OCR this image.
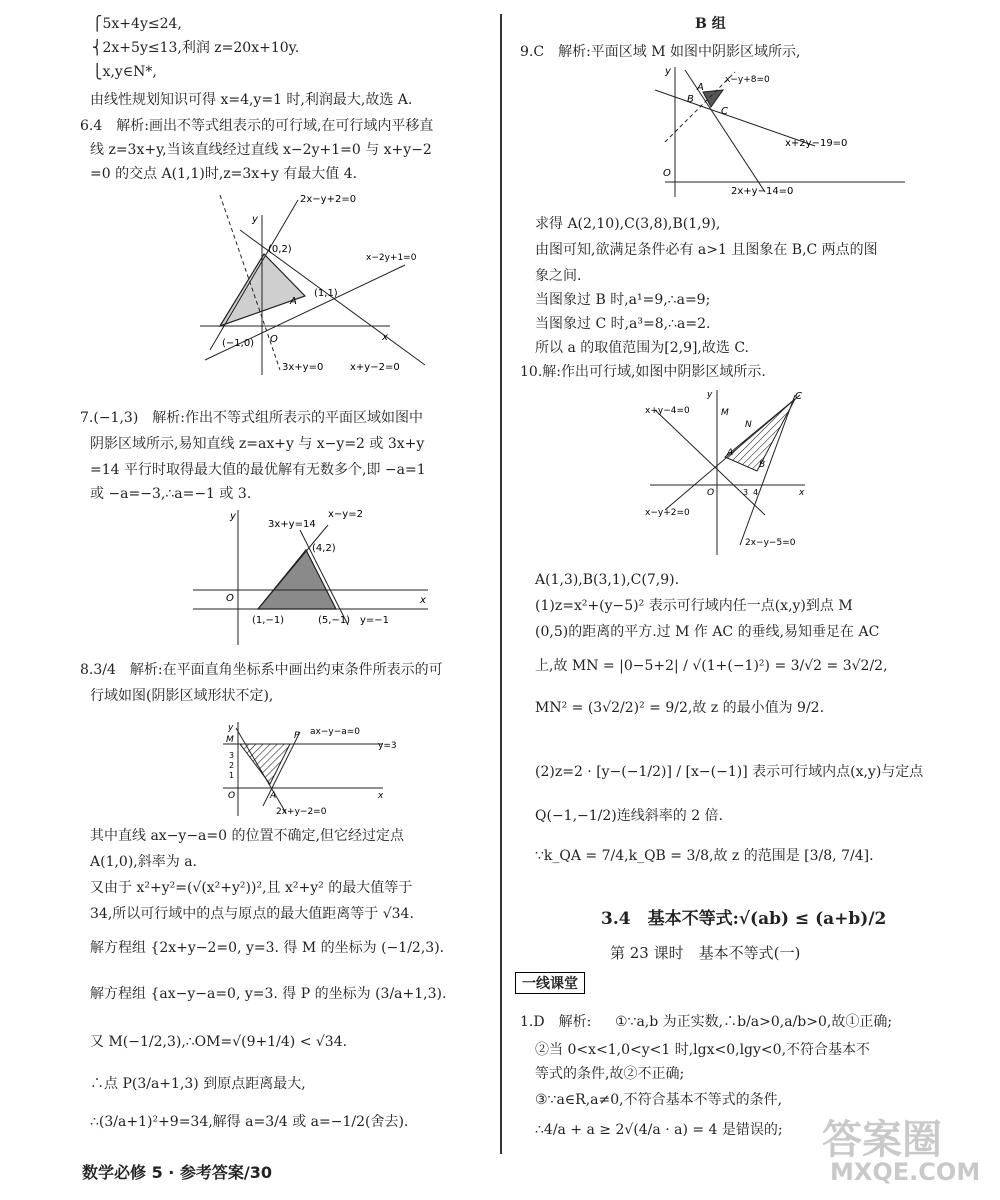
⎧5x+4y≤24,
⎨2x+5y≤13,利润 z=20x+10y.
⎩x,y∈N*,
由线性规划知识可得 x=4,y=1 时,利润最大,故选 A.
6.4　解析:画出不等式组表示的可行域,在可行域内平移直
线 z=3x+y,当该直线经过直线 x−2y+1=0 与 x+y−2
=0 的交点 A(1,1)时,z=3x+y 有最大值 4.
2x−y+2=0
(0,2)
x−2y+1=0
A
(1,1)
(−1,0) O	x
y
3x+y=0	x+y−2=0
7.(−1,3)　解析:作出不等式组所表示的平面区域如图中
阴影区域所示,易知直线 z=ax+y 与 x−y=2 或 3x+y
=14 平行时取得最大值的最优解有无数多个,即 −a=1
或 −a=−3,∴a=−1 或 3.
y
3x+y=14
x−y=2
(4,2)
O	x
(1,−1)	(5,−1) y=−1
8.3/4　解析:在平面直角坐标系中画出约束条件所表示的可
行域如图(阴影区域形状不定),
y
M	P ax−y−a=0
y=3
3
2
1
O	A	x
2x+y−2=0
其中直线 ax−y−a=0 的位置不确定,但它经过定点
A(1,0),斜率为 a.
又由于 x²+y²=(√(x²+y²))²,且 x²+y² 的最大值等于
34,所以可行域中的点与原点的最大值距离等于 √34.
解方程组 {2x+y−2=0, y=3. 得 M 的坐标为 (−1/2,3).
解方程组 {ax−y−a=0, y=3. 得 P 的坐标为 (3/a+1,3).
又 M(−1/2,3),∴OM=√(9+1/4) < √34.
∴点 P(3/a+1,3) 到原点距离最大,
∴(3/a+1)²+9=34,解得 a=3/4 或 a=−1/2(舍去).
B 组
9.C　解析:平面区域 M 如图中阴影区域所示,
y
x−y+8=0
A
B
C
x+2y−19=0
O
2x+y−14=0
求得 A(2,10),C(3,8),B(1,9),
由图可知,欲满足条件必有 a>1 且图象在 B,C 两点的图
象之间.
当图象过 B 时,a¹=9,∴a=9;
当图象过 C 时,a³=8,∴a=2.
所以 a 的取值范围为[2,9],故选 C.
10.解:作出可行域,如图中阴影区域所示.
x+y−4=0
y	C
M
N
A
B
O	3 4	x
x−y+2=0
2x−y−5=0
A(1,3),B(3,1),C(7,9).
(1)z=x²+(y−5)² 表示可行域内任一点(x,y)到点 M
(0,5)的距离的平方.过 M 作 AC 的垂线,易知垂足在 AC
上,故 MN = |0−5+2| / √(1+(−1)²) = 3/√2 = 3√2/2,
MN² = (3√2/2)² = 9/2,故 z 的最小值为 9/2.
(2)z=2 · [y−(−1/2)] / [x−(−1)] 表示可行域内点(x,y)与定点
Q(−1,−1/2)连线斜率的 2 倍.
∵k_QA = 7/4,k_QB = 3/8,故 z 的范围是 [3/8, 7/4].
3.4　基本不等式:√(ab) ≤ (a+b)/2
第 23 课时　基本不等式(一)
一线课堂
1.D　解析: ①∵a,b 为正实数,∴b/a>0,a/b>0,故①正确;
②当 0<x<1,0<y<1 时,lgx<0,lgy<0,不符合基本不
等式的条件,故②不正确;
③∵a∈R,a≠0,不符合基本不等式的条件,
∴4/a + a ≥ 2√(4/a · a) = 4 是错误的;
数学必修 5 · 参考答案/30
答案圈
MXQE.COM
